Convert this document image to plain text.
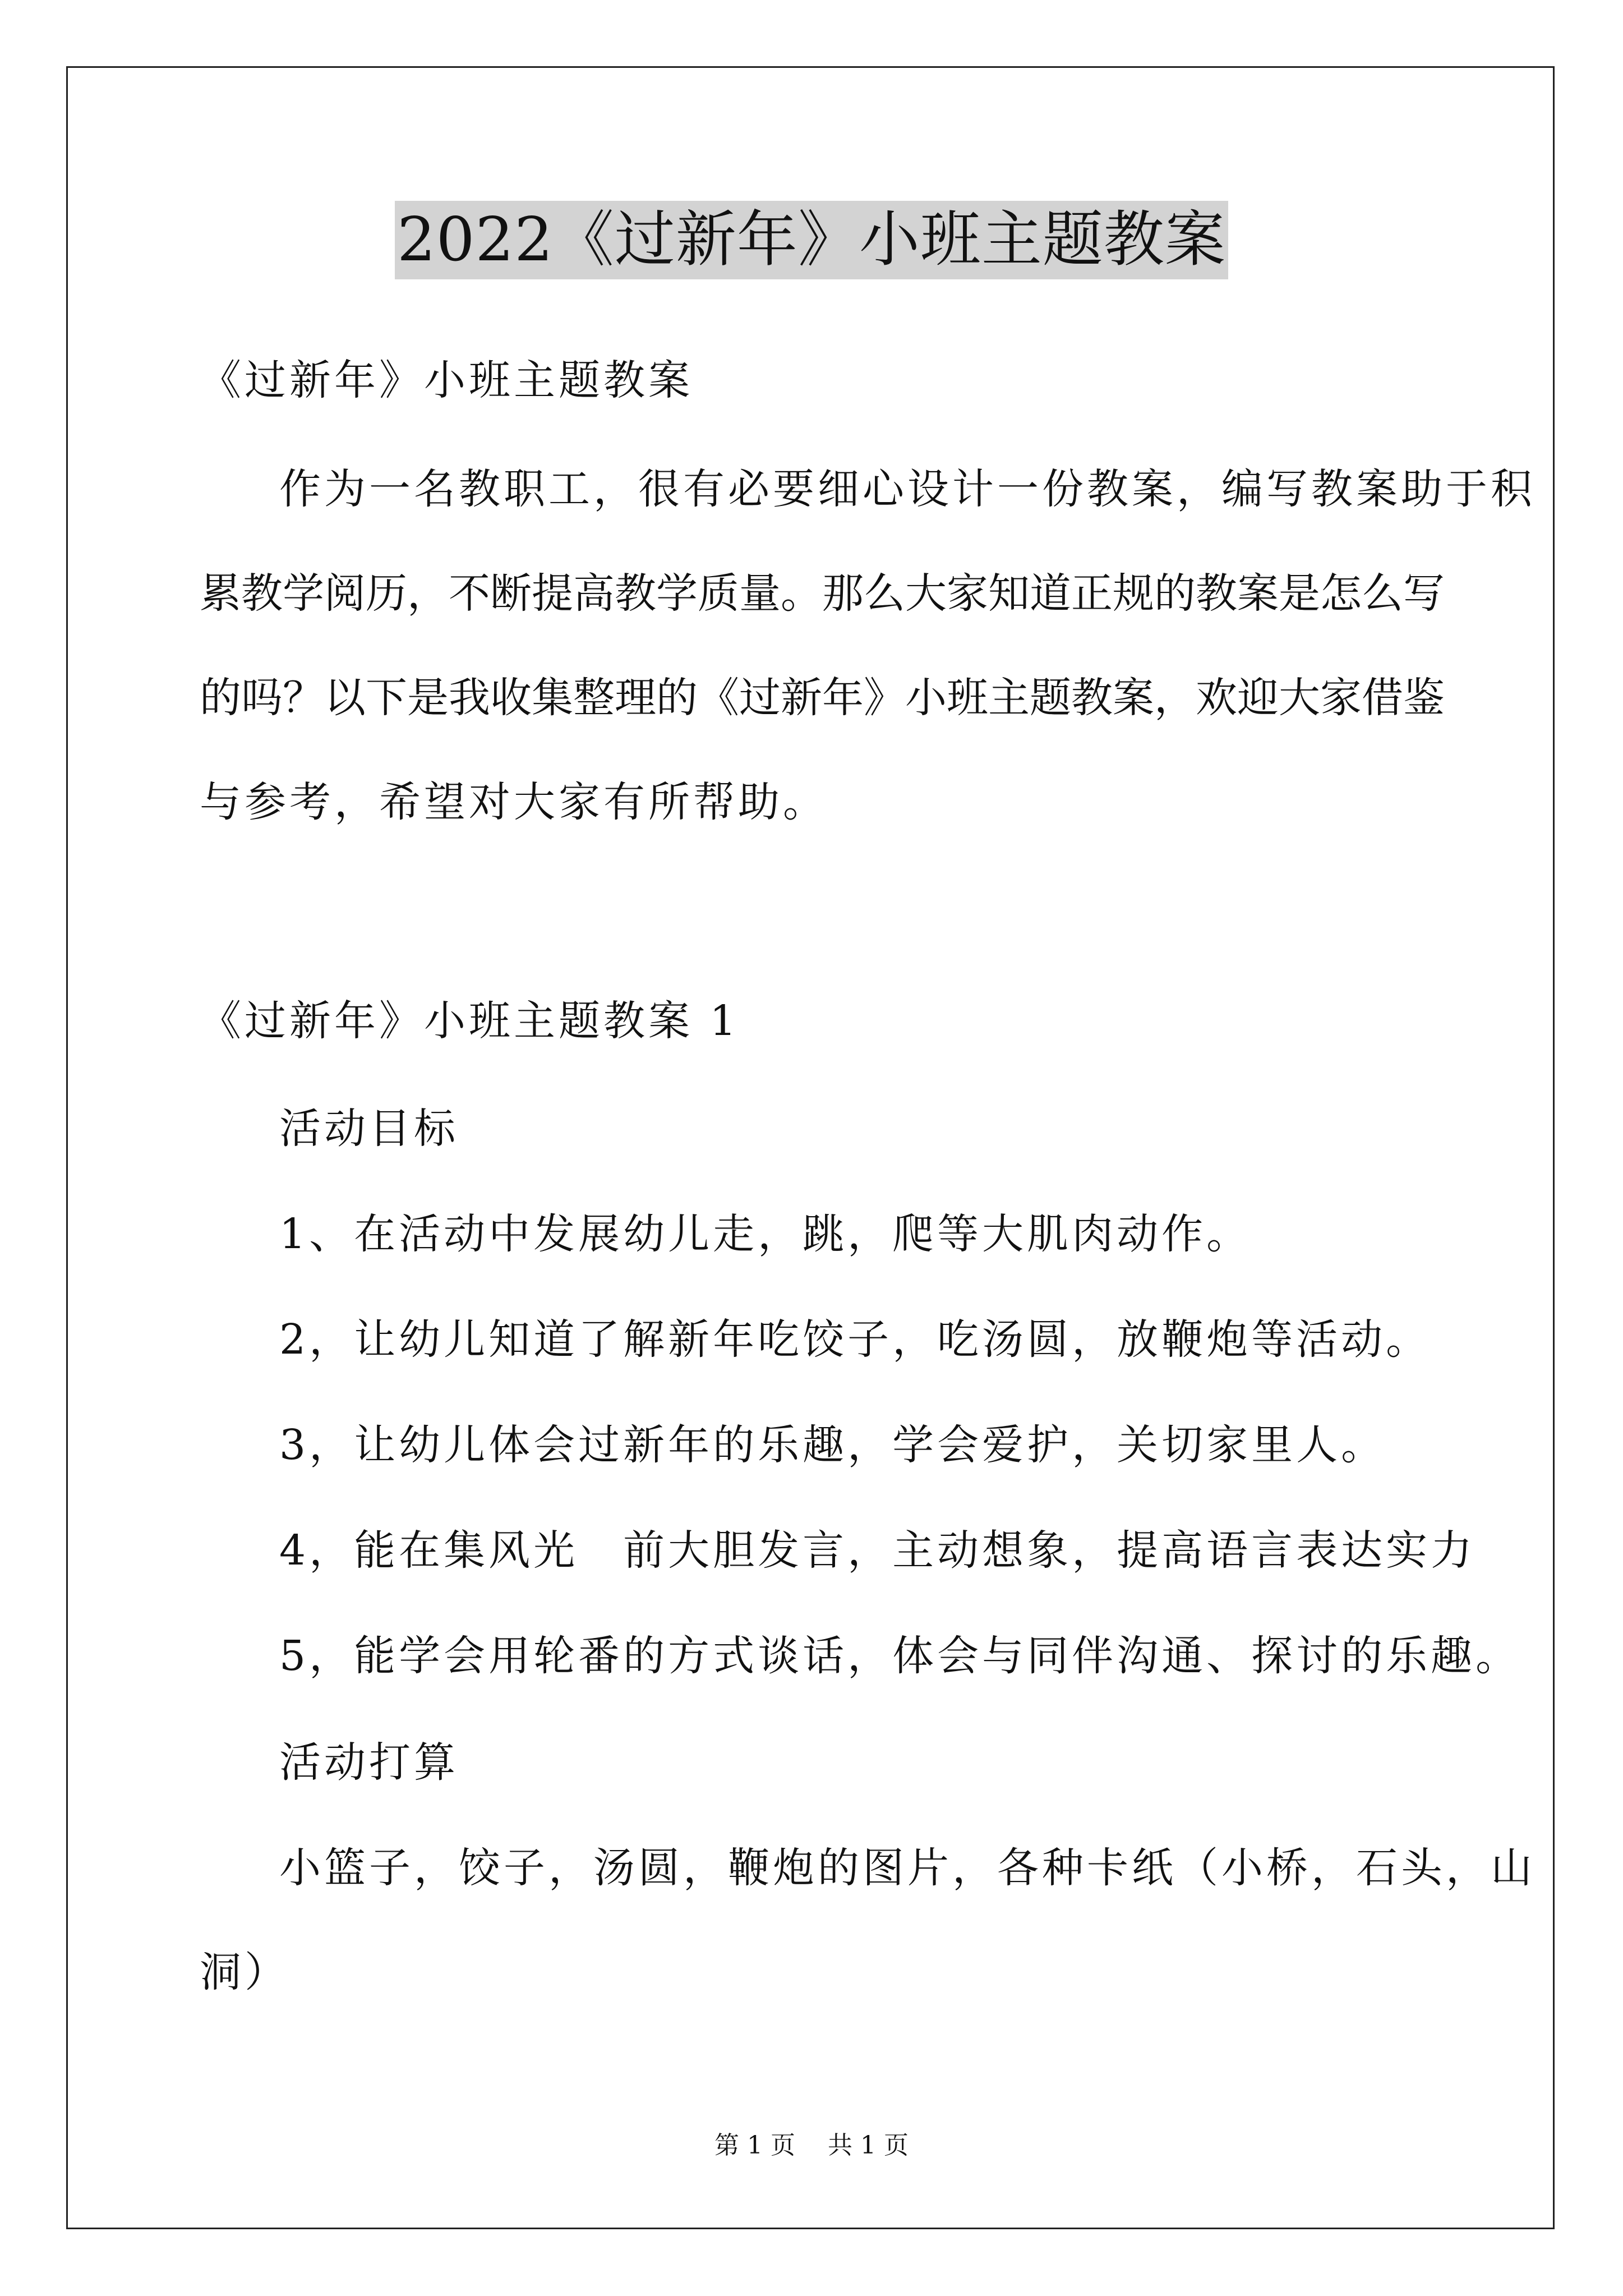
2022《过新年》小班主题教案
《过新年》小班主题教案
作为一名教职工，很有必要细心设计一份教案，编写教案助于积
累教学阅历，不断提高教学质量。那么大家知道正规的教案是怎么写
的吗？以下是我收集整理的《过新年》小班主题教案，欢迎大家借鉴
与参考，希望对大家有所帮助。
《过新年》小班主题教案 1
活动目标
1、在活动中发展幼儿走，跳，爬等大肌肉动作。
2，让幼儿知道了解新年吃饺子，吃汤圆，放鞭炮等活动。
3，让幼儿体会过新年的乐趣，学会爱护，关切家里人。
4，能在集风光　前大胆发言，主动想象，提高语言表达实力
5，能学会用轮番的方式谈话，体会与同伴沟通、探讨的乐趣。
活动打算
小篮子，饺子，汤圆，鞭炮的图片，各种卡纸（小桥，石头，山
洞）
第 1 页　 共 1 页
